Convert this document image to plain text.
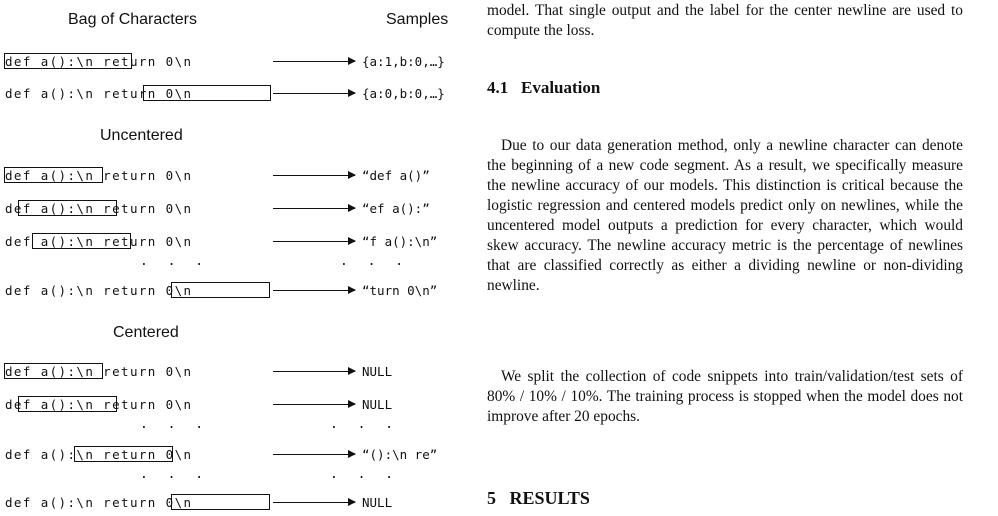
Bag of Characters	Samples
def a():\n return 0\n	{a:1,b:0,…}
def a():\n return 0\n	{a:0,b:0,…}
Uncentered
def a():\n return 0\n	“def a()”
def a():\n return 0\n	“ef a():”
def a():\n return 0\n	“f a():\n”
. . .	. . .
def a():\n return 0\n	“turn 0\n”
Centered
def a():\n return 0\n	NULL
def a():\n return 0\n	NULL
. . .	. . .
def a():\n return 0\n	“():\n re”
. . .	. . .
def a():\n return 0\n	NULL

model. That single output and the label for the center newline are used to compute the loss.

4.1 Evaluation

Due to our data generation method, only a newline character can denote the beginning of a new code segment. As a result, we specifically measure the newline accuracy of our models. This distinction is critical because the logistic regression and centered models predict only on newlines, while the uncentered model outputs a prediction for every character, which would skew accuracy. The newline accuracy metric is the percentage of newlines that are classified correctly as either a dividing newline or non-dividing newline.

We split the collection of code snippets into train/validation/test sets of 80% / 10% / 10%. The training process is stopped when the model does not improve after 20 epochs.

5 RESULTS
